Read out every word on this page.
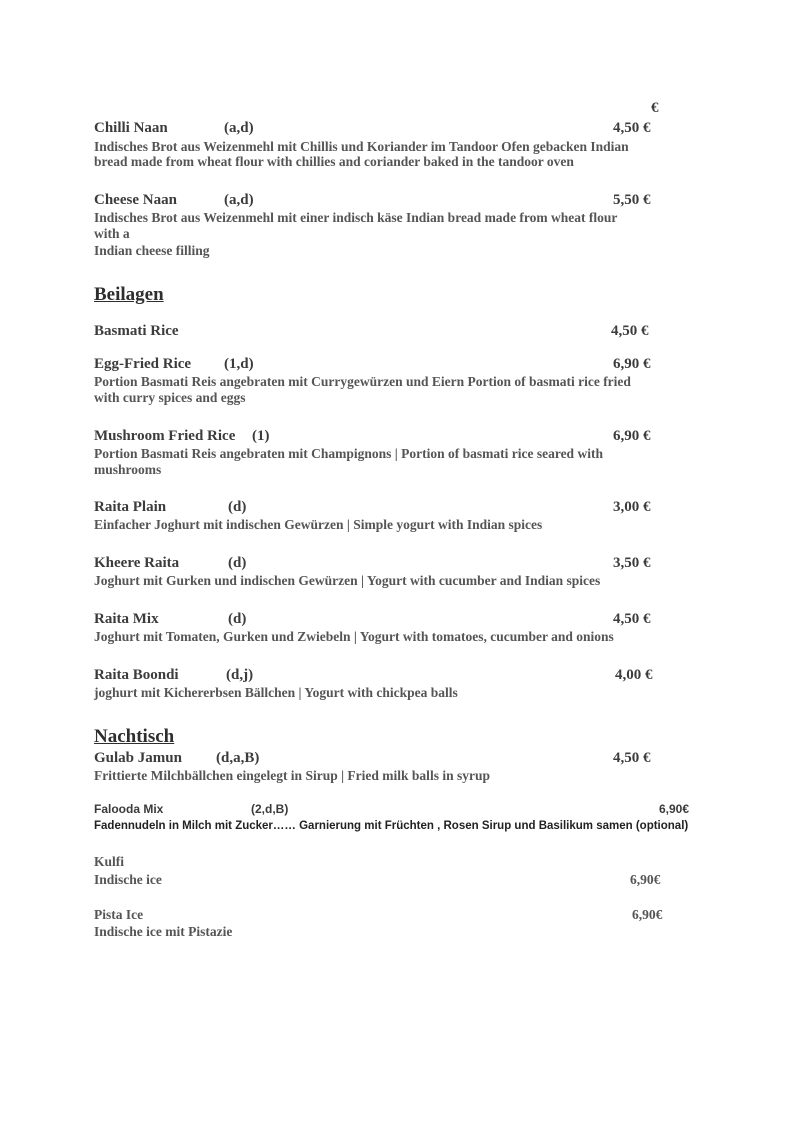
€
Chilli Naan	(a,d)	4,50 €
Indisches Brot aus Weizenmehl mit Chillis und Koriander im Tandoor Ofen gebacken Indian
bread made from wheat flour with chillies and coriander baked in the tandoor oven
Cheese Naan	(a,d)	5,50 €
Indisches Brot aus Weizenmehl mit einer indisch käse Indian bread made from wheat flour
with a
Indian cheese filling
Beilagen
Basmati Rice	4,50 €
Egg-Fried Rice (1,d)	6,90 €
Portion Basmati Reis angebraten mit Currygewürzen und Eiern Portion of basmati rice fried
with curry spices and eggs
Mushroom Fried Rice (1)	6,90 €
Portion Basmati Reis angebraten mit Champignons | Portion of basmati rice seared with
mushrooms
Raita Plain	(d)	3,00 €
Einfacher Joghurt mit indischen Gewürzen | Simple yogurt with Indian spices
Kheere Raita	(d)	3,50 €
Joghurt mit Gurken und indischen Gewürzen | Yogurt with cucumber and Indian spices
Raita Mix	(d)	4,50 €
Joghurt mit Tomaten, Gurken und Zwiebeln | Yogurt with tomatoes, cucumber and onions
Raita Boondi	(d,j)	4,00 €
joghurt mit Kichererbsen Bällchen | Yogurt with chickpea balls
Nachtisch
Gulab Jamun (d,a,B)	4,50 €
Frittierte Milchbällchen eingelegt in Sirup | Fried milk balls in syrup
Falooda Mix	(2,d,B)	6,90€
Fadennudeln in Milch mit Zucker…… Garnierung mit Früchten , Rosen Sirup und Basilikum samen (optional)
Kulfi
Indische ice	6,90€
Pista Ice	6,90€
Indische ice mit Pistazie
